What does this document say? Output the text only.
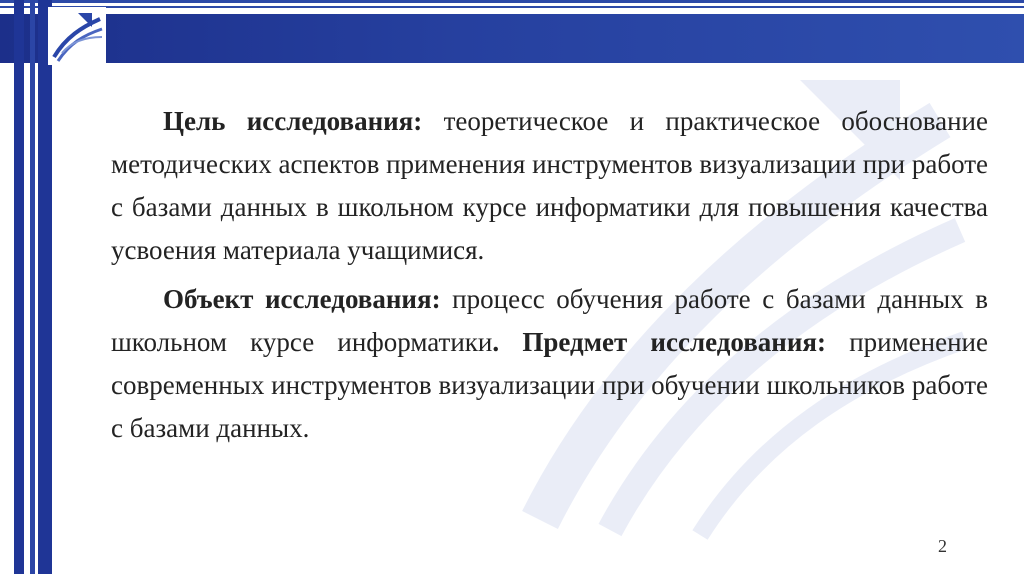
Цель исследования: теоретическое и практическое обоснование методических аспектов применения инструментов визуализации при работе с базами данных в школьном курсе информатики для повышения качества усвоения материала учащимися.

Объект исследования: процесс обучения работе с базами данных в школьном курсе информатики. Предмет исследования: применение современных инструментов визуализации при обучении школьников работе с базами данных.

2
